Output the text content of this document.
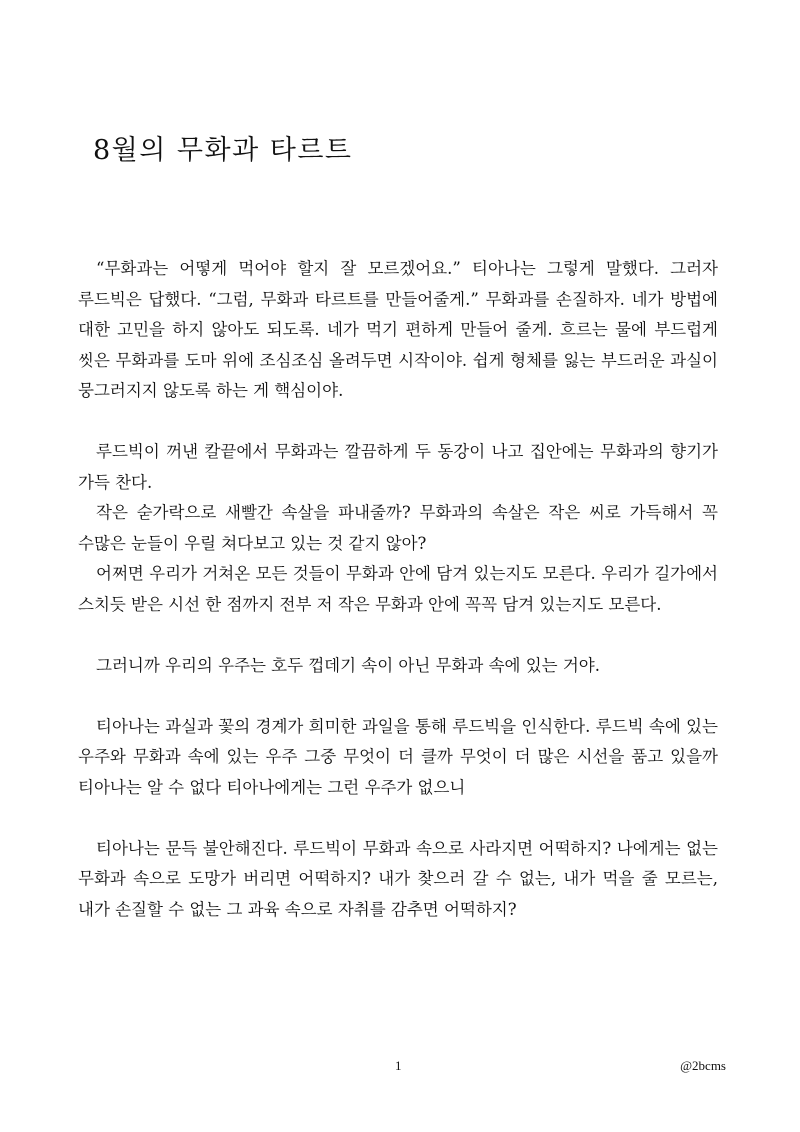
8월의 무화과 타르트

“무화과는 어떻게 먹어야 할지 잘 모르겠어요.” 티아나는 그렇게 말했다. 그러자 루드빅은 답했다. “그럼, 무화과 타르트를 만들어줄게.” 무화과를 손질하자. 네가 방법에 대한 고민을 하지 않아도 되도록. 네가 먹기 편하게 만들어 줄게. 흐르는 물에 부드럽게 씻은 무화과를 도마 위에 조심조심 올려두면 시작이야. 쉽게 형체를 잃는 부드러운 과실이 뭉그러지지 않도록 하는 게 핵심이야.

루드빅이 꺼낸 칼끝에서 무화과는 깔끔하게 두 동강이 나고 집안에는 무화과의 향기가 가득 찬다.

작은 숟가락으로 새빨간 속살을 파내줄까? 무화과의 속살은 작은 씨로 가득해서 꼭 수많은 눈들이 우릴 쳐다보고 있는 것 같지 않아?

어쩌면 우리가 거쳐온 모든 것들이 무화과 안에 담겨 있는지도 모른다. 우리가 길가에서 스치듯 받은 시선 한 점까지 전부 저 작은 무화과 안에 꼭꼭 담겨 있는지도 모른다.

그러니까 우리의 우주는 호두 껍데기 속이 아닌 무화과 속에 있는 거야.

티아나는 과실과 꽃의 경계가 희미한 과일을 통해 루드빅을 인식한다. 루드빅 속에 있는 우주와 무화과 속에 있는 우주 그중 무엇이 더 클까 무엇이 더 많은 시선을 품고 있을까 티아나는 알 수 없다 티아나에게는 그런 우주가 없으니

티아나는 문득 불안해진다. 루드빅이 무화과 속으로 사라지면 어떡하지? 나에게는 없는 무화과 속으로 도망가 버리면 어떡하지? 내가 찾으러 갈 수 없는, 내가 먹을 줄 모르는, 내가 손질할 수 없는 그 과육 속으로 자취를 감추면 어떡하지?

1	@2bcms
